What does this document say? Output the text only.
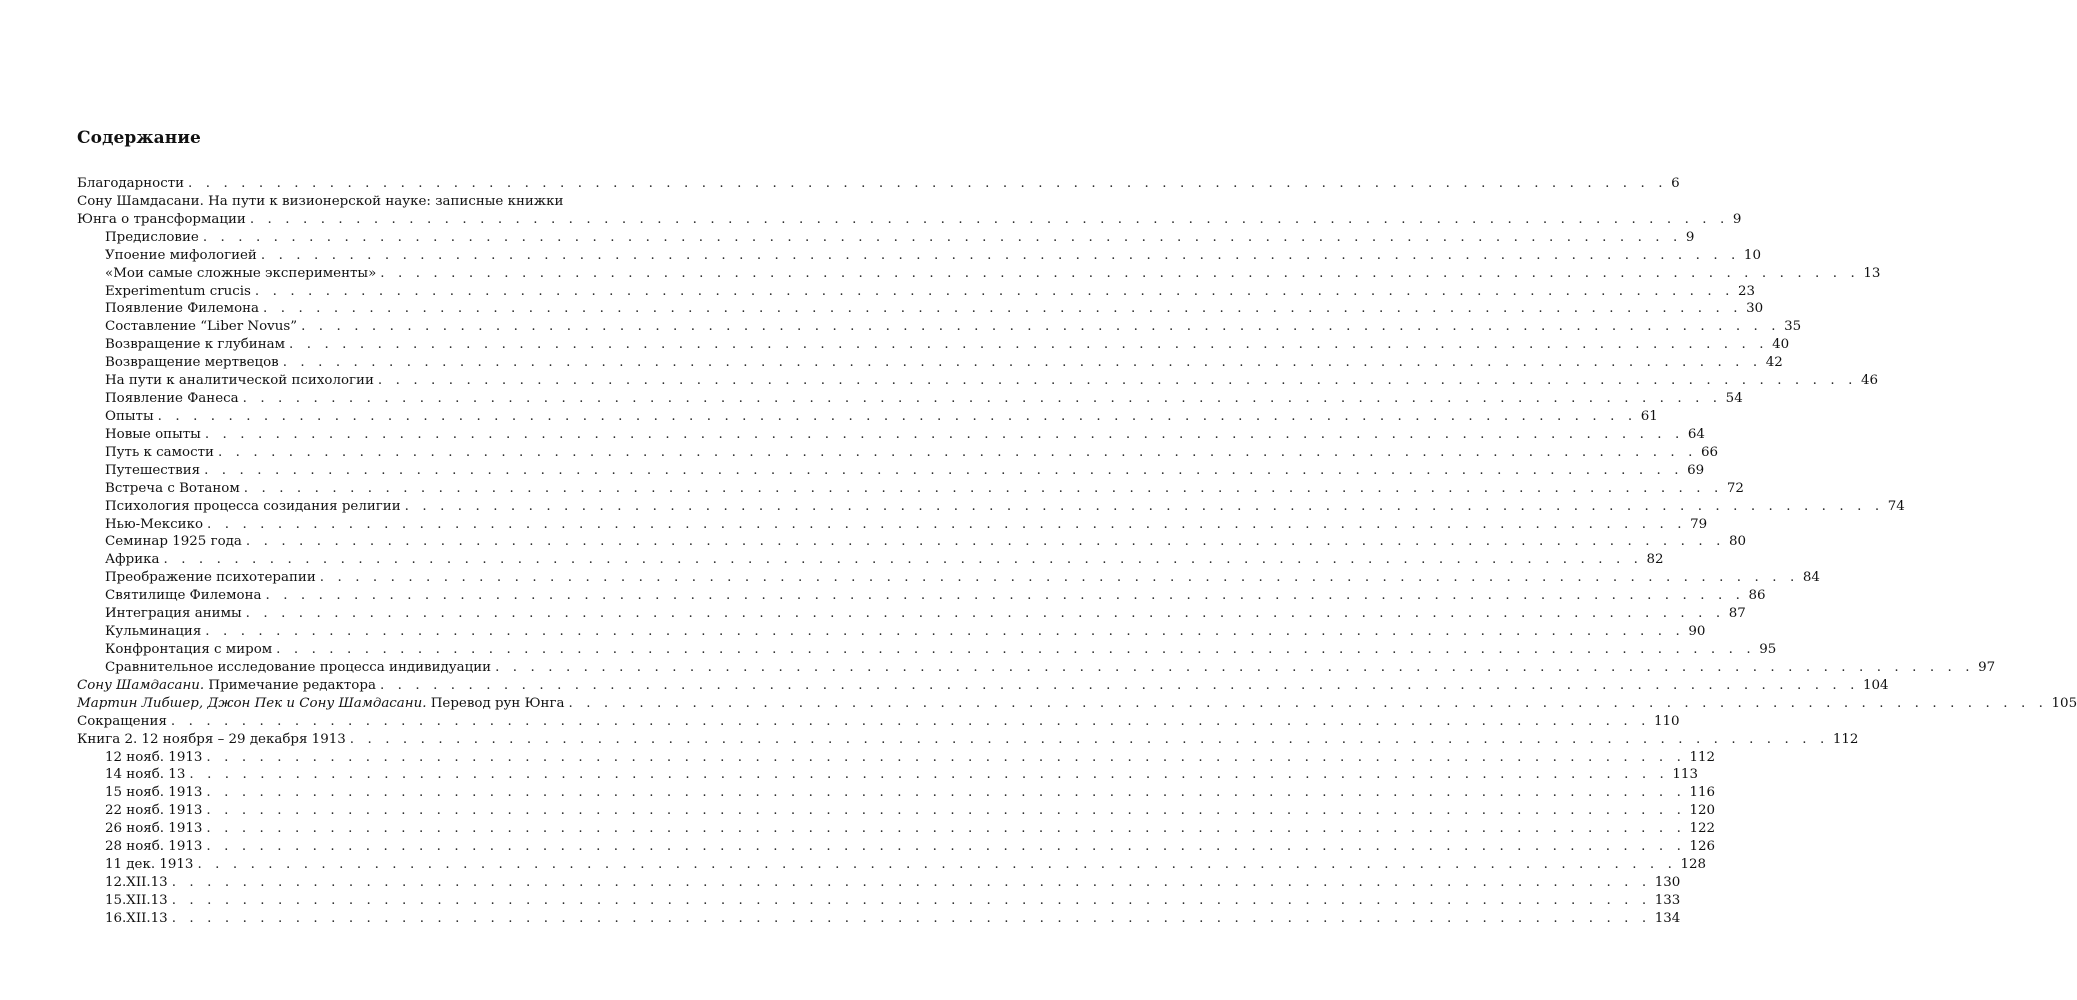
Содержание
Благодарности . . . . . . . . . . . . . . . . . . . . . . . . . . . . . . . . . . . . . . . . . . . . . . . . . . . . . . . . . . . . . . . . . . . . . . . . . . . . . . . . . . . . 6
Сону Шамдасани. На пути к визионерской науке: записные книжки
Юнга о трансформации . . . . . . . . . . . . . . . . . . . . . . . . . . . . . . . . . . . . . . . . . . . . . . . . . . . . . . . . . . . . . . . . . . . . . . . . . . . . . . . . . . . . 9
Предисловие . . . . . . . . . . . . . . . . . . . . . . . . . . . . . . . . . . . . . . . . . . . . . . . . . . . . . . . . . . . . . . . . . . . . . . . . . . . . . . . . . . . . 9
Упоение мифологией . . . . . . . . . . . . . . . . . . . . . . . . . . . . . . . . . . . . . . . . . . . . . . . . . . . . . . . . . . . . . . . . . . . . . . . . . . . . . . . . . . . . 10
«Мои самые сложные эксперименты» . . . . . . . . . . . . . . . . . . . . . . . . . . . . . . . . . . . . . . . . . . . . . . . . . . . . . . . . . . . . . . . . . . . . . . . . . . . . . . . . . . . . 13
Experimentum crucis . . . . . . . . . . . . . . . . . . . . . . . . . . . . . . . . . . . . . . . . . . . . . . . . . . . . . . . . . . . . . . . . . . . . . . . . . . . . . . . . . . . . 23
Появление Филемона . . . . . . . . . . . . . . . . . . . . . . . . . . . . . . . . . . . . . . . . . . . . . . . . . . . . . . . . . . . . . . . . . . . . . . . . . . . . . . . . . . . . 30
Составление “Liber Novus” . . . . . . . . . . . . . . . . . . . . . . . . . . . . . . . . . . . . . . . . . . . . . . . . . . . . . . . . . . . . . . . . . . . . . . . . . . . . . . . . . . . . 35
Возвращение к глубинам . . . . . . . . . . . . . . . . . . . . . . . . . . . . . . . . . . . . . . . . . . . . . . . . . . . . . . . . . . . . . . . . . . . . . . . . . . . . . . . . . . . . 40
Возвращение мертвецов . . . . . . . . . . . . . . . . . . . . . . . . . . . . . . . . . . . . . . . . . . . . . . . . . . . . . . . . . . . . . . . . . . . . . . . . . . . . . . . . . . . . 42
На пути к аналитической психологии . . . . . . . . . . . . . . . . . . . . . . . . . . . . . . . . . . . . . . . . . . . . . . . . . . . . . . . . . . . . . . . . . . . . . . . . . . . . . . . . . . . . 46
Появление Фанеса . . . . . . . . . . . . . . . . . . . . . . . . . . . . . . . . . . . . . . . . . . . . . . . . . . . . . . . . . . . . . . . . . . . . . . . . . . . . . . . . . . . . 54
Опыты . . . . . . . . . . . . . . . . . . . . . . . . . . . . . . . . . . . . . . . . . . . . . . . . . . . . . . . . . . . . . . . . . . . . . . . . . . . . . . . . . . . . 61
Новые опыты . . . . . . . . . . . . . . . . . . . . . . . . . . . . . . . . . . . . . . . . . . . . . . . . . . . . . . . . . . . . . . . . . . . . . . . . . . . . . . . . . . . . 64
Путь к самости . . . . . . . . . . . . . . . . . . . . . . . . . . . . . . . . . . . . . . . . . . . . . . . . . . . . . . . . . . . . . . . . . . . . . . . . . . . . . . . . . . . . 66
Путешествия . . . . . . . . . . . . . . . . . . . . . . . . . . . . . . . . . . . . . . . . . . . . . . . . . . . . . . . . . . . . . . . . . . . . . . . . . . . . . . . . . . . . 69
Встреча с Вотаном . . . . . . . . . . . . . . . . . . . . . . . . . . . . . . . . . . . . . . . . . . . . . . . . . . . . . . . . . . . . . . . . . . . . . . . . . . . . . . . . . . . . 72
Психология процесса созидания религии . . . . . . . . . . . . . . . . . . . . . . . . . . . . . . . . . . . . . . . . . . . . . . . . . . . . . . . . . . . . . . . . . . . . . . . . . . . . . . . . . . . . 74
Нью-Мексико . . . . . . . . . . . . . . . . . . . . . . . . . . . . . . . . . . . . . . . . . . . . . . . . . . . . . . . . . . . . . . . . . . . . . . . . . . . . . . . . . . . . 79
Семинар 1925 года . . . . . . . . . . . . . . . . . . . . . . . . . . . . . . . . . . . . . . . . . . . . . . . . . . . . . . . . . . . . . . . . . . . . . . . . . . . . . . . . . . . . 80
Африка . . . . . . . . . . . . . . . . . . . . . . . . . . . . . . . . . . . . . . . . . . . . . . . . . . . . . . . . . . . . . . . . . . . . . . . . . . . . . . . . . . . . 82
Преображение психотерапии . . . . . . . . . . . . . . . . . . . . . . . . . . . . . . . . . . . . . . . . . . . . . . . . . . . . . . . . . . . . . . . . . . . . . . . . . . . . . . . . . . . . 84
Святилище Филемона . . . . . . . . . . . . . . . . . . . . . . . . . . . . . . . . . . . . . . . . . . . . . . . . . . . . . . . . . . . . . . . . . . . . . . . . . . . . . . . . . . . . 86
Интеграция анимы . . . . . . . . . . . . . . . . . . . . . . . . . . . . . . . . . . . . . . . . . . . . . . . . . . . . . . . . . . . . . . . . . . . . . . . . . . . . . . . . . . . . 87
Кульминация . . . . . . . . . . . . . . . . . . . . . . . . . . . . . . . . . . . . . . . . . . . . . . . . . . . . . . . . . . . . . . . . . . . . . . . . . . . . . . . . . . . . 90
Конфронтация с миром . . . . . . . . . . . . . . . . . . . . . . . . . . . . . . . . . . . . . . . . . . . . . . . . . . . . . . . . . . . . . . . . . . . . . . . . . . . . . . . . . . . . 95
Сравнительное исследование процесса индивидуации . . . . . . . . . . . . . . . . . . . . . . . . . . . . . . . . . . . . . . . . . . . . . . . . . . . . . . . . . . . . . . . . . . . . . . . . . . . . . . . . . . . . 97
Сону Шамдасани. Примечание редактора . . . . . . . . . . . . . . . . . . . . . . . . . . . . . . . . . . . . . . . . . . . . . . . . . . . . . . . . . . . . . . . . . . . . . . . . . . . . . . . . . . . . 104
Мартин Либшер, Джон Пек и Сону Шамдасани. Перевод рун Юнга . . . . . . . . . . . . . . . . . . . . . . . . . . . . . . . . . . . . . . . . . . . . . . . . . . . . . . . . . . . . . . . . . . . . . . . . . . . . . . . . . . . . 105
Сокращения . . . . . . . . . . . . . . . . . . . . . . . . . . . . . . . . . . . . . . . . . . . . . . . . . . . . . . . . . . . . . . . . . . . . . . . . . . . . . . . . . . . . 110
Книга 2. 12 ноября – 29 декабря 1913 . . . . . . . . . . . . . . . . . . . . . . . . . . . . . . . . . . . . . . . . . . . . . . . . . . . . . . . . . . . . . . . . . . . . . . . . . . . . . . . . . . . . 112
12 нояб. 1913 . . . . . . . . . . . . . . . . . . . . . . . . . . . . . . . . . . . . . . . . . . . . . . . . . . . . . . . . . . . . . . . . . . . . . . . . . . . . . . . . . . . . 112
14 нояб. 13 . . . . . . . . . . . . . . . . . . . . . . . . . . . . . . . . . . . . . . . . . . . . . . . . . . . . . . . . . . . . . . . . . . . . . . . . . . . . . . . . . . . . 113
15 нояб. 1913 . . . . . . . . . . . . . . . . . . . . . . . . . . . . . . . . . . . . . . . . . . . . . . . . . . . . . . . . . . . . . . . . . . . . . . . . . . . . . . . . . . . . 116
22 нояб. 1913 . . . . . . . . . . . . . . . . . . . . . . . . . . . . . . . . . . . . . . . . . . . . . . . . . . . . . . . . . . . . . . . . . . . . . . . . . . . . . . . . . . . . 120
26 нояб. 1913 . . . . . . . . . . . . . . . . . . . . . . . . . . . . . . . . . . . . . . . . . . . . . . . . . . . . . . . . . . . . . . . . . . . . . . . . . . . . . . . . . . . . 122
28 нояб. 1913 . . . . . . . . . . . . . . . . . . . . . . . . . . . . . . . . . . . . . . . . . . . . . . . . . . . . . . . . . . . . . . . . . . . . . . . . . . . . . . . . . . . . 126
11 дек. 1913 . . . . . . . . . . . . . . . . . . . . . . . . . . . . . . . . . . . . . . . . . . . . . . . . . . . . . . . . . . . . . . . . . . . . . . . . . . . . . . . . . . . . 128
12.XII.13 . . . . . . . . . . . . . . . . . . . . . . . . . . . . . . . . . . . . . . . . . . . . . . . . . . . . . . . . . . . . . . . . . . . . . . . . . . . . . . . . . . . . 130
15.XII.13 . . . . . . . . . . . . . . . . . . . . . . . . . . . . . . . . . . . . . . . . . . . . . . . . . . . . . . . . . . . . . . . . . . . . . . . . . . . . . . . . . . . . 133
16.XII.13 . . . . . . . . . . . . . . . . . . . . . . . . . . . . . . . . . . . . . . . . . . . . . . . . . . . . . . . . . . . . . . . . . . . . . . . . . . . . . . . . . . . . 134
